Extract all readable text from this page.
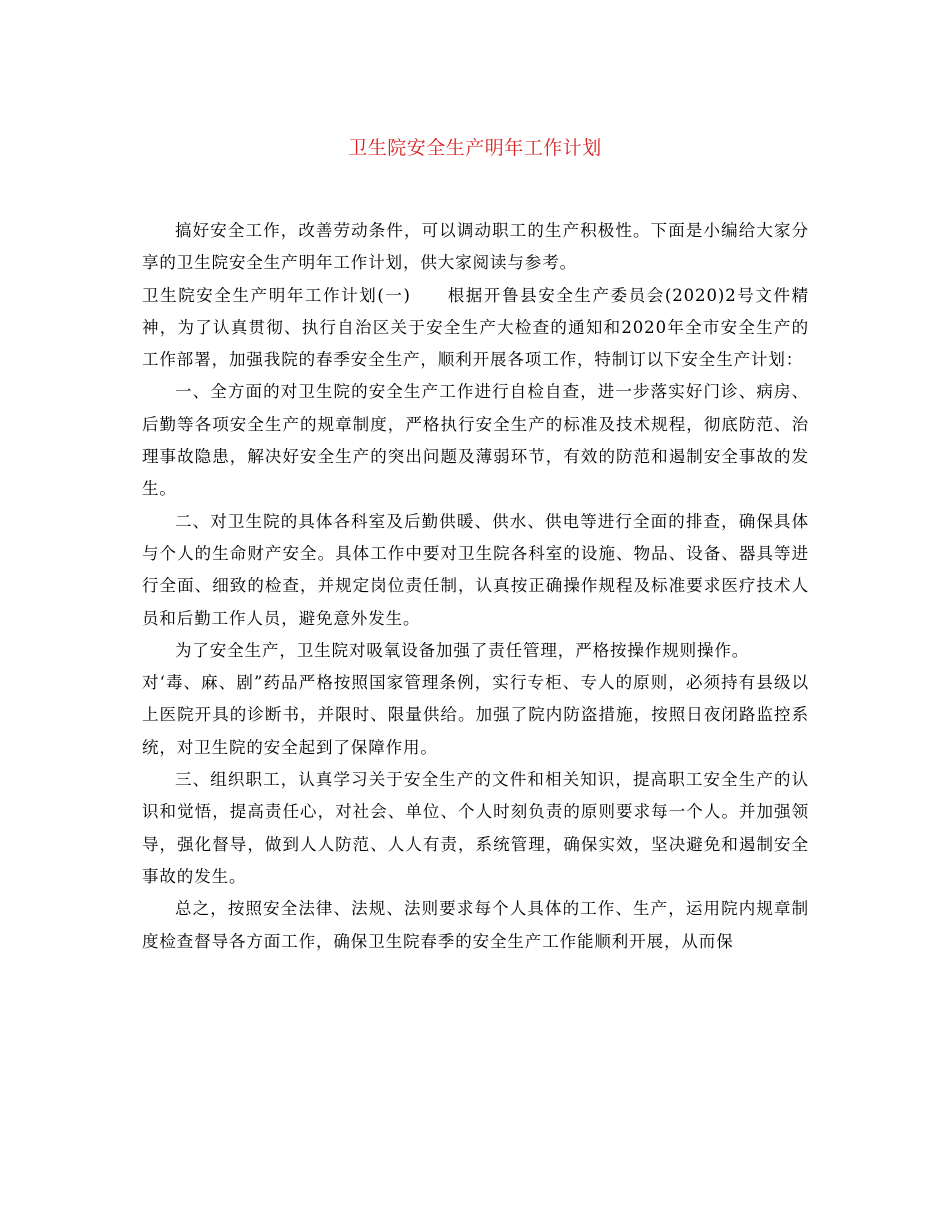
卫生院安全生产明年工作计划

搞好安全工作，改善劳动条件，可以调动职工的生产积极性。下面是小编给大家分享的卫生院安全生产明年工作计划，供大家阅读与参考。

卫生院安全生产明年工作计划(一)　　根据开鲁县安全生产委员会(2020)2号文件精神，为了认真贯彻、执行自治区关于安全生产大检查的通知和2020年全市安全生产的工作部署，加强我院的春季安全生产，顺利开展各项工作，特制订以下安全生产计划：

一、全方面的对卫生院的安全生产工作进行自检自查，进一步落实好门诊、病房、后勤等各项安全生产的规章制度，严格执行安全生产的标准及技术规程，彻底防范、治理事故隐患，解决好安全生产的突出问题及薄弱环节，有效的防范和遏制安全事故的发生。

二、对卫生院的具体各科室及后勤供暖、供水、供电等进行全面的排查，确保具体与个人的生命财产安全。具体工作中要对卫生院各科室的设施、物品、设备、器具等进行全面、细致的检查，并规定岗位责任制，认真按正确操作规程及标准要求医疗技术人员和后勤工作人员，避免意外发生。

为了安全生产，卫生院对吸氧设备加强了责任管理，严格按操作规则操作。

对‘毒、麻、剧”药品严格按照国家管理条例，实行专柜、专人的原则，必须持有县级以上医院开具的诊断书，并限时、限量供给。加强了院内防盗措施，按照日夜闭路监控系统，对卫生院的安全起到了保障作用。

三、组织职工，认真学习关于安全生产的文件和相关知识，提高职工安全生产的认识和觉悟，提高责任心，对社会、单位、个人时刻负责的原则要求每一个人。并加强领导，强化督导，做到人人防范、人人有责，系统管理，确保实效，坚决避免和遏制安全事故的发生。

总之，按照安全法律、法规、法则要求每个人具体的工作、生产，运用院内规章制度检查督导各方面工作，确保卫生院春季的安全生产工作能顺利开展，从而保
